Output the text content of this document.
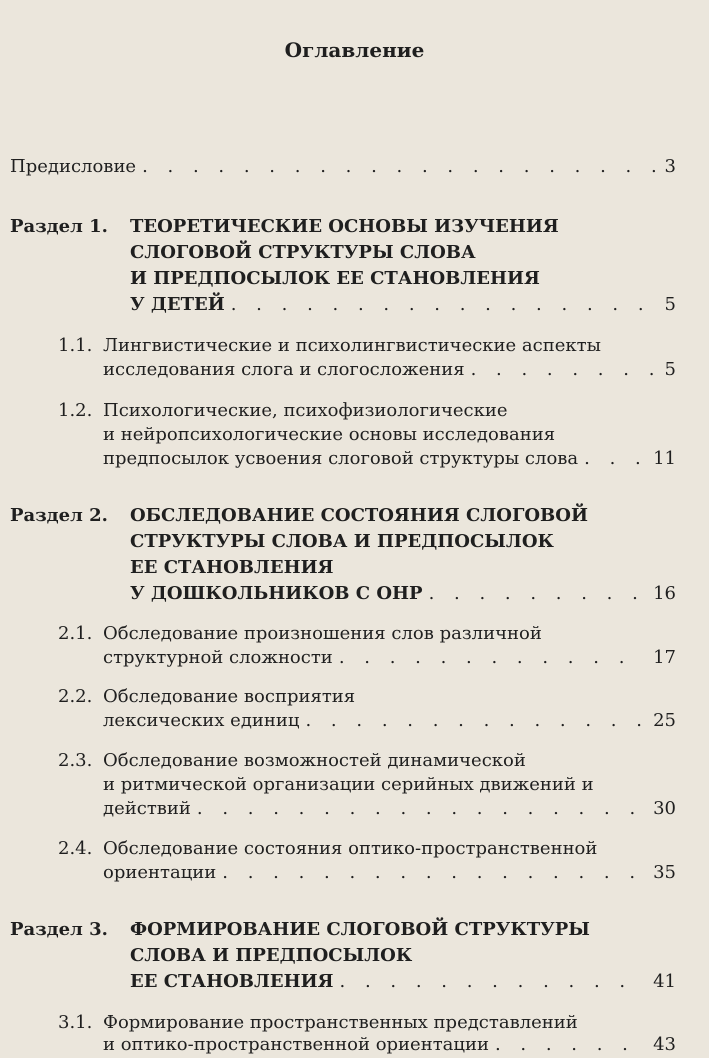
Оглавление
Предисловие . . .	3
Раздел 1. ТЕОРЕТИЧЕСКИЕ ОСНОВЫ ИЗУЧЕНИЯ
СЛОГОВОЙ СТРУКТУРЫ СЛОВА
И ПРЕДПОСЫЛОК ЕЕ СТАНОВЛЕНИЯ
У ДЕТЕЙ . . .	5
1.1. Лингвистические и психолингвистические аспекты
исследования слога и слогосложения . . .	5
1.2. Психологические, психофизиологические
и нейропсихологические основы исследования
предпосылок усвоения слоговой структуры слова . . .	11
Раздел 2. ОБСЛЕДОВАНИЕ СОСТОЯНИЯ СЛОГОВОЙ
СТРУКТУРЫ СЛОВА И ПРЕДПОСЫЛОК
ЕЕ СТАНОВЛЕНИЯ
У ДОШКОЛЬНИКОВ С ОНР . . .	16
2.1. Обследование произношения слов различной
структурной сложности . . .	17
2.2. Обследование восприятия
лексических единиц . . .	25
2.3. Обследование возможностей динамической
и ритмической организации серийных движений и
действий . . .	30
2.4. Обследование состояния оптико-пространственной
ориентации . . .	35
Раздел 3. ФОРМИРОВАНИЕ СЛОГОВОЙ СТРУКТУРЫ
СЛОВА И ПРЕДПОСЫЛОК
ЕЕ СТАНОВЛЕНИЯ . . .	41
3.1. Формирование пространственных представлений
и оптико-пространственной ориентации . . .	43
